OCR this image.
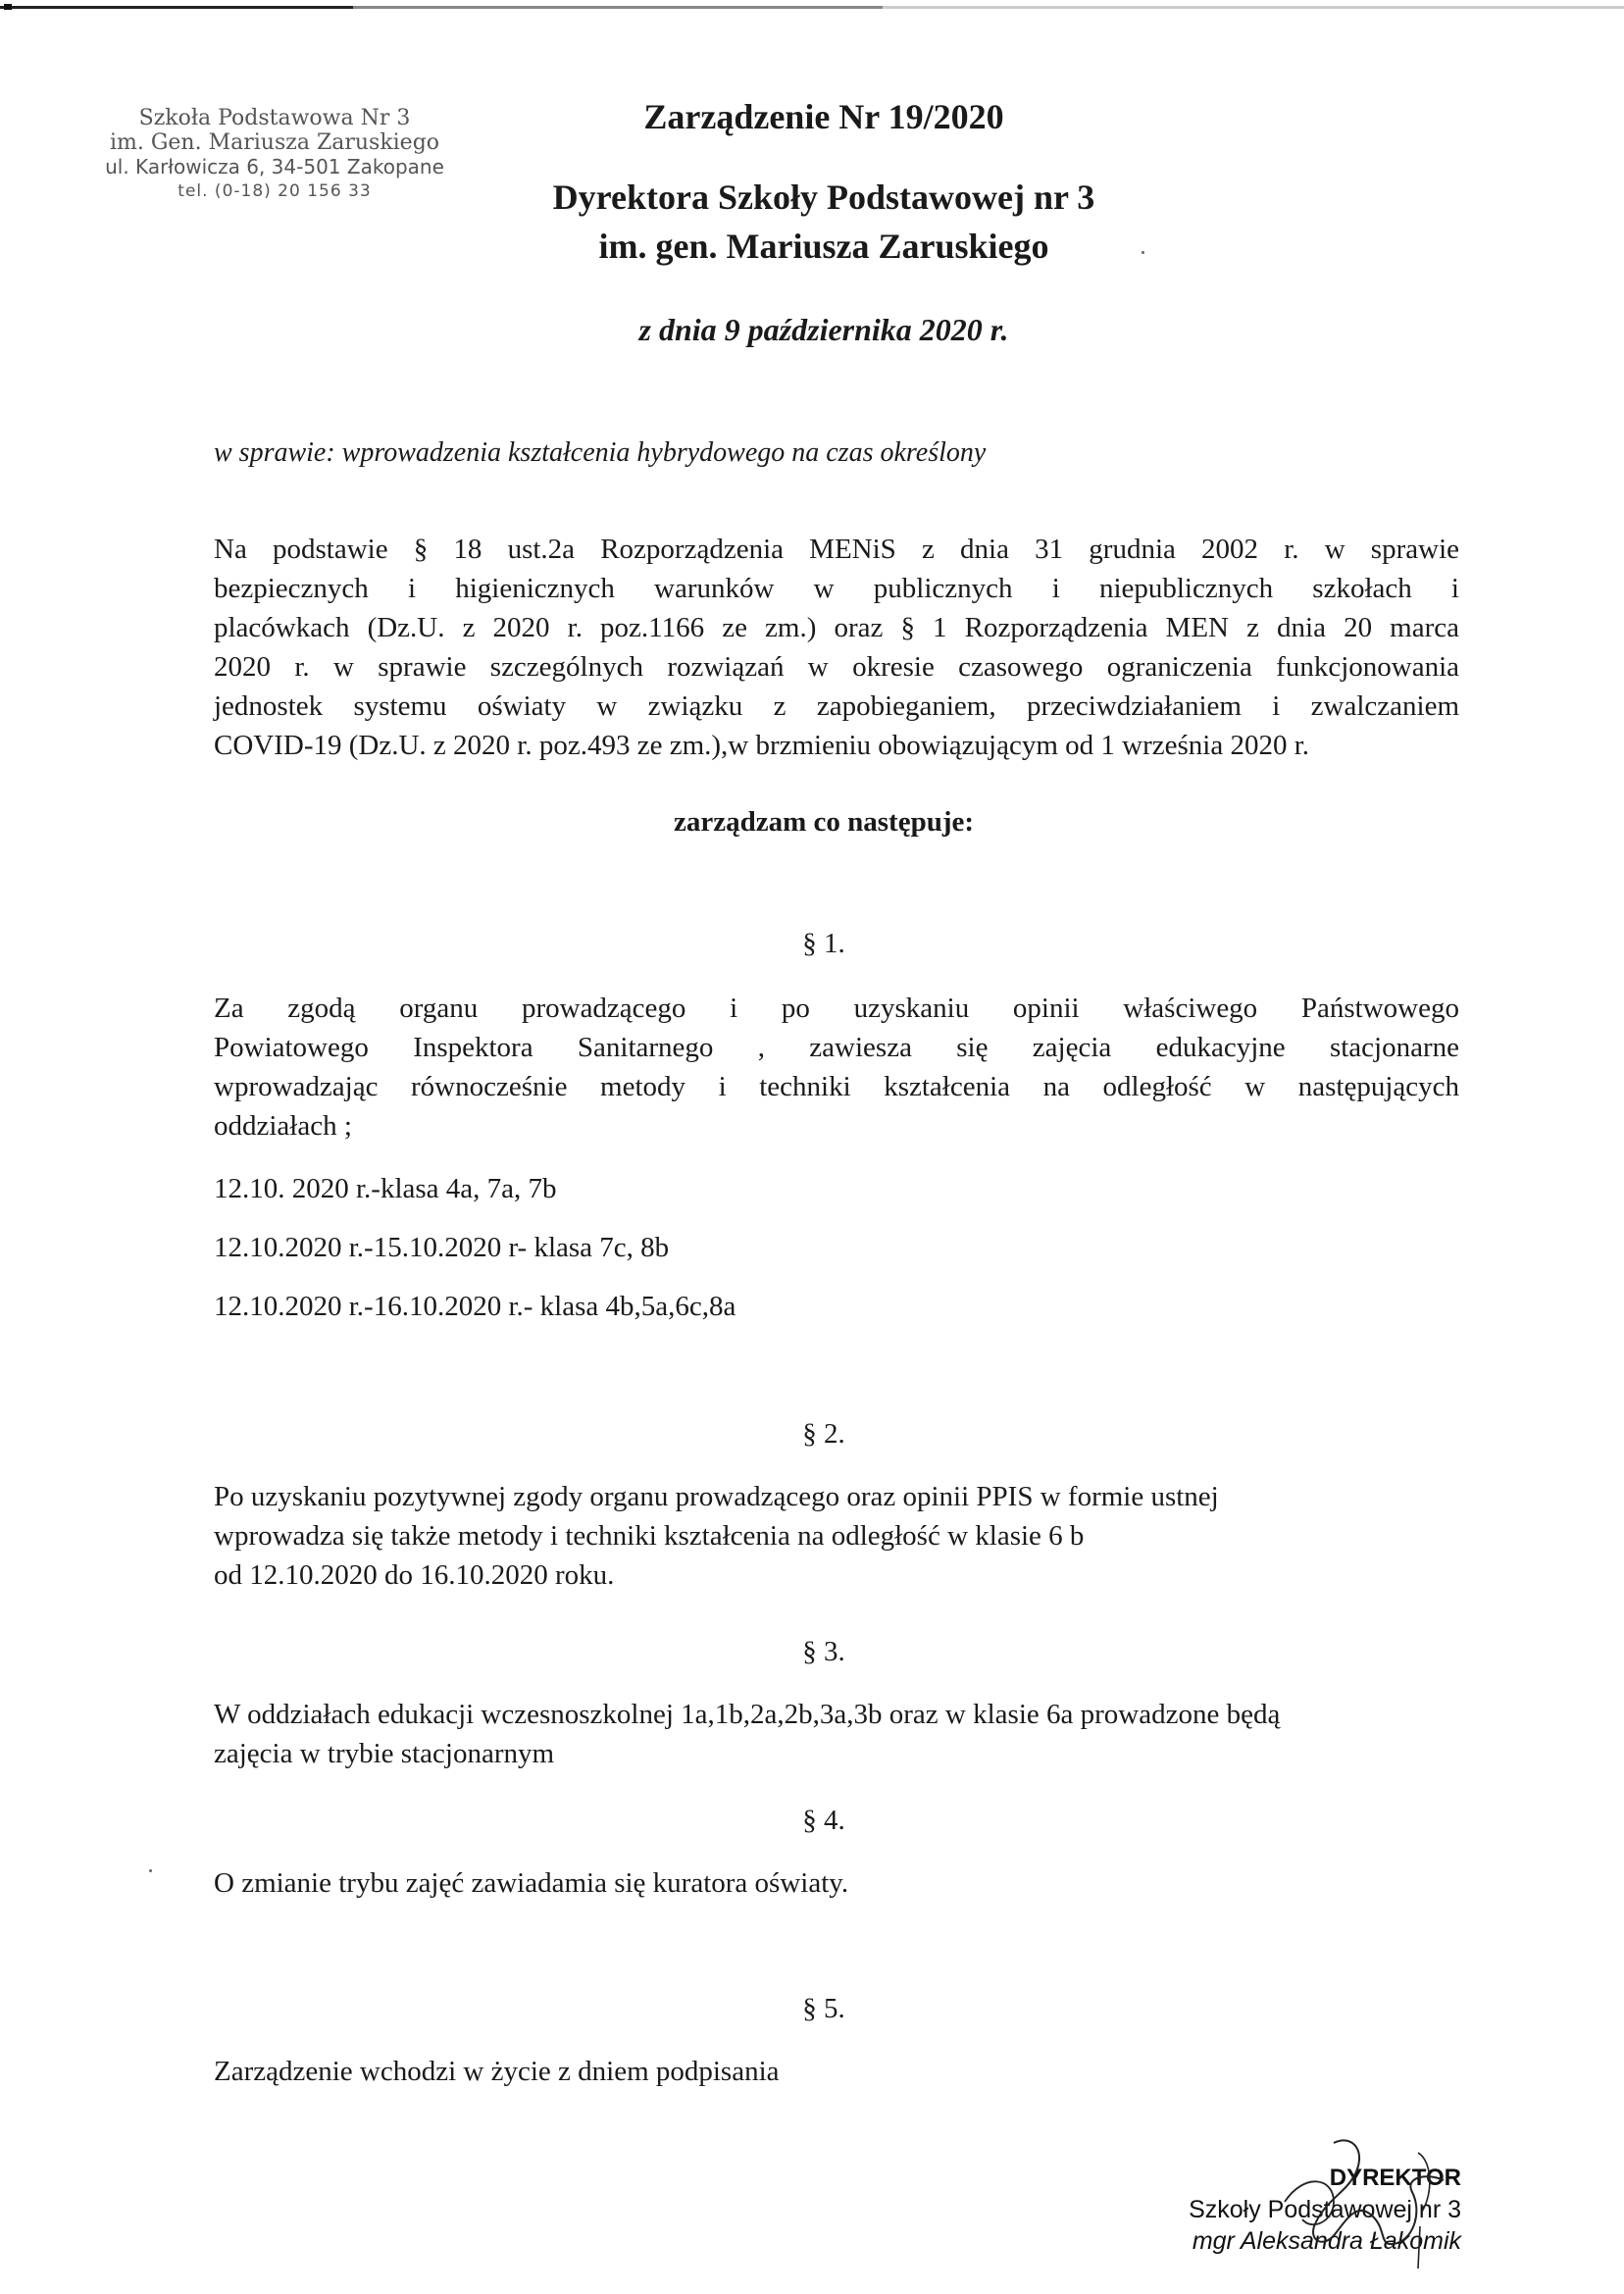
Szkoła Podstawowa Nr 3
im. Gen. Mariusza Zaruskiego
ul. Karłowicza 6, 34-501 Zakopane
tel. (0-18) 20 156 33
Zarządzenie Nr 19/2020
Dyrektora Szkoły Podstawowej nr 3
im. gen. Mariusza Zaruskiego
z dnia 9 października 2020 r.
w sprawie: wprowadzenia kształcenia hybrydowego na czas określony
Na podstawie § 18 ust.2a Rozporządzenia MENiS z dnia 31 grudnia 2002 r. w sprawie
bezpiecznych i higienicznych warunków w publicznych i niepublicznych szkołach i
placówkach (Dz.U. z 2020 r. poz.1166 ze zm.) oraz § 1 Rozporządzenia MEN z dnia 20 marca
2020 r. w sprawie szczególnych rozwiązań w okresie czasowego ograniczenia funkcjonowania
jednostek systemu oświaty w związku z zapobieganiem, przeciwdziałaniem i zwalczaniem
COVID-19 (Dz.U. z 2020 r. poz.493 ze zm.),w brzmieniu obowiązującym od 1 września 2020 r.
zarządzam co następuje:
§ 1.
Za zgodą organu prowadzącego i po uzyskaniu opinii właściwego Państwowego
Powiatowego Inspektora Sanitarnego , zawiesza się zajęcia edukacyjne stacjonarne
wprowadzając równocześnie metody i techniki kształcenia na odległość w następujących
oddziałach ;
12.10. 2020 r.-klasa 4a, 7a, 7b
12.10.2020 r.-15.10.2020 r- klasa 7c, 8b
12.10.2020 r.-16.10.2020 r.- klasa 4b,5a,6c,8a
§ 2.
Po uzyskaniu pozytywnej zgody organu prowadzącego oraz opinii PPIS w formie ustnej
wprowadza się także metody i techniki kształcenia na odległość w klasie 6 b
od 12.10.2020 do 16.10.2020 roku.
§ 3.
W oddziałach edukacji wczesnoszkolnej 1a,1b,2a,2b,3a,3b oraz w klasie 6a prowadzone będą
zajęcia w trybie stacjonarnym
§ 4.
O zmianie trybu zajęć zawiadamia się kuratora oświaty.
§ 5.
Zarządzenie wchodzi w życie z dniem podpisania
DYREKTOR
Szkoły Podstawowej nr 3
mgr Aleksandra Łakomik
